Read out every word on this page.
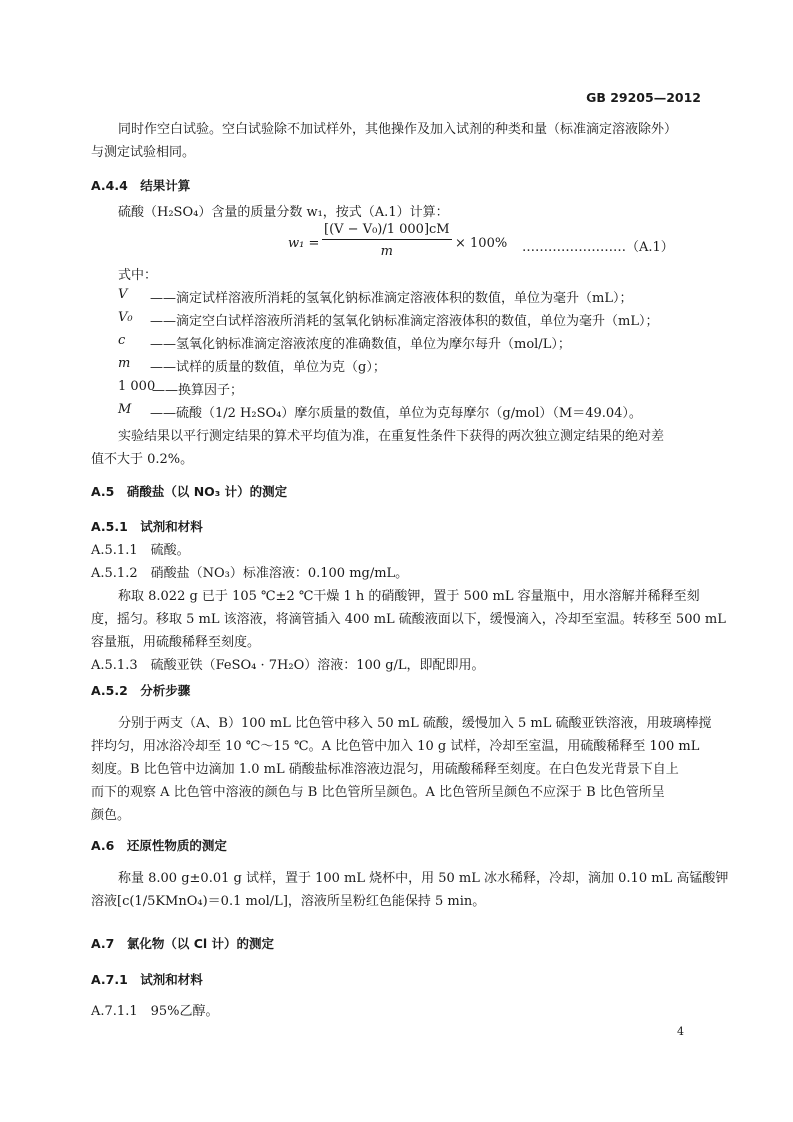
GB 29205—2012
同时作空白试验。空白试验除不加试样外，其他操作及加入试剂的种类和量（标准滴定溶液除外）
与测定试验相同。
A.4.4　结果计算
硫酸（H₂SO₄）含量的质量分数 w₁，按式（A.1）计算：
$w_1 = \frac{\text{[(V − V₀)/1 000]cM}}{m} \times 100\%$ ……………………（A.1）
式中：
V ——滴定试样溶液所消耗的氢氧化钠标准滴定溶液体积的数值，单位为毫升（mL）；
V₀ ——滴定空白试样溶液所消耗的氢氧化钠标准滴定溶液体积的数值，单位为毫升（mL）；
c ——氢氧化钠标准滴定溶液浓度的准确数值，单位为摩尔每升（mol/L）；
m ——试样的质量的数值，单位为克（g）；
1 000
——换算因子；
M ——硫酸（1/2 H₂SO₄）摩尔质量的数值，单位为克每摩尔（g/mol）（M＝49.04）。
实验结果以平行测定结果的算术平均值为准，在重复性条件下获得的两次独立测定结果的绝对差
值不大于 0.2%。
A.5　硝酸盐（以 NO₃ 计）的测定
A.5.1　试剂和材料
A.5.1.1　硫酸。
A.5.1.2　硝酸盐（NO₃）标准溶液：0.100 mg/mL。
称取 8.022 g 已于 105 ℃±2 ℃干燥 1 h 的硝酸钾，置于 500 mL 容量瓶中，用水溶解并稀释至刻
度，摇匀。移取 5 mL 该溶液，将滴管插入 400 mL 硫酸液面以下，缓慢滴入，冷却至室温。转移至 500 mL
容量瓶，用硫酸稀释至刻度。
A.5.1.3　硫酸亚铁（FeSO₄ · 7H₂O）溶液：100 g/L，即配即用。
A.5.2　分析步骤
分别于两支（A、B）100 mL 比色管中移入 50 mL 硫酸，缓慢加入 5 mL 硫酸亚铁溶液，用玻璃棒搅
拌均匀，用冰浴冷却至 10 ℃～15 ℃。A 比色管中加入 10 g 试样，冷却至室温，用硫酸稀释至 100 mL
刻度。B 比色管中边滴加 1.0 mL 硝酸盐标准溶液边混匀，用硫酸稀释至刻度。在白色发光背景下自上
而下的观察 A 比色管中溶液的颜色与 B 比色管所呈颜色。A 比色管所呈颜色不应深于 B 比色管所呈
颜色。
A.6　还原性物质的测定
称量 8.00 g±0.01 g 试样，置于 100 mL 烧杯中，用 50 mL 冰水稀释，冷却，滴加 0.10 mL 高锰酸钾
溶液[c(1/5KMnO₄)＝0.1 mol/L]，溶液所呈粉红色能保持 5 min。
A.7　氯化物（以 Cl 计）的测定
A.7.1　试剂和材料
A.7.1.1　95%乙醇。
4
